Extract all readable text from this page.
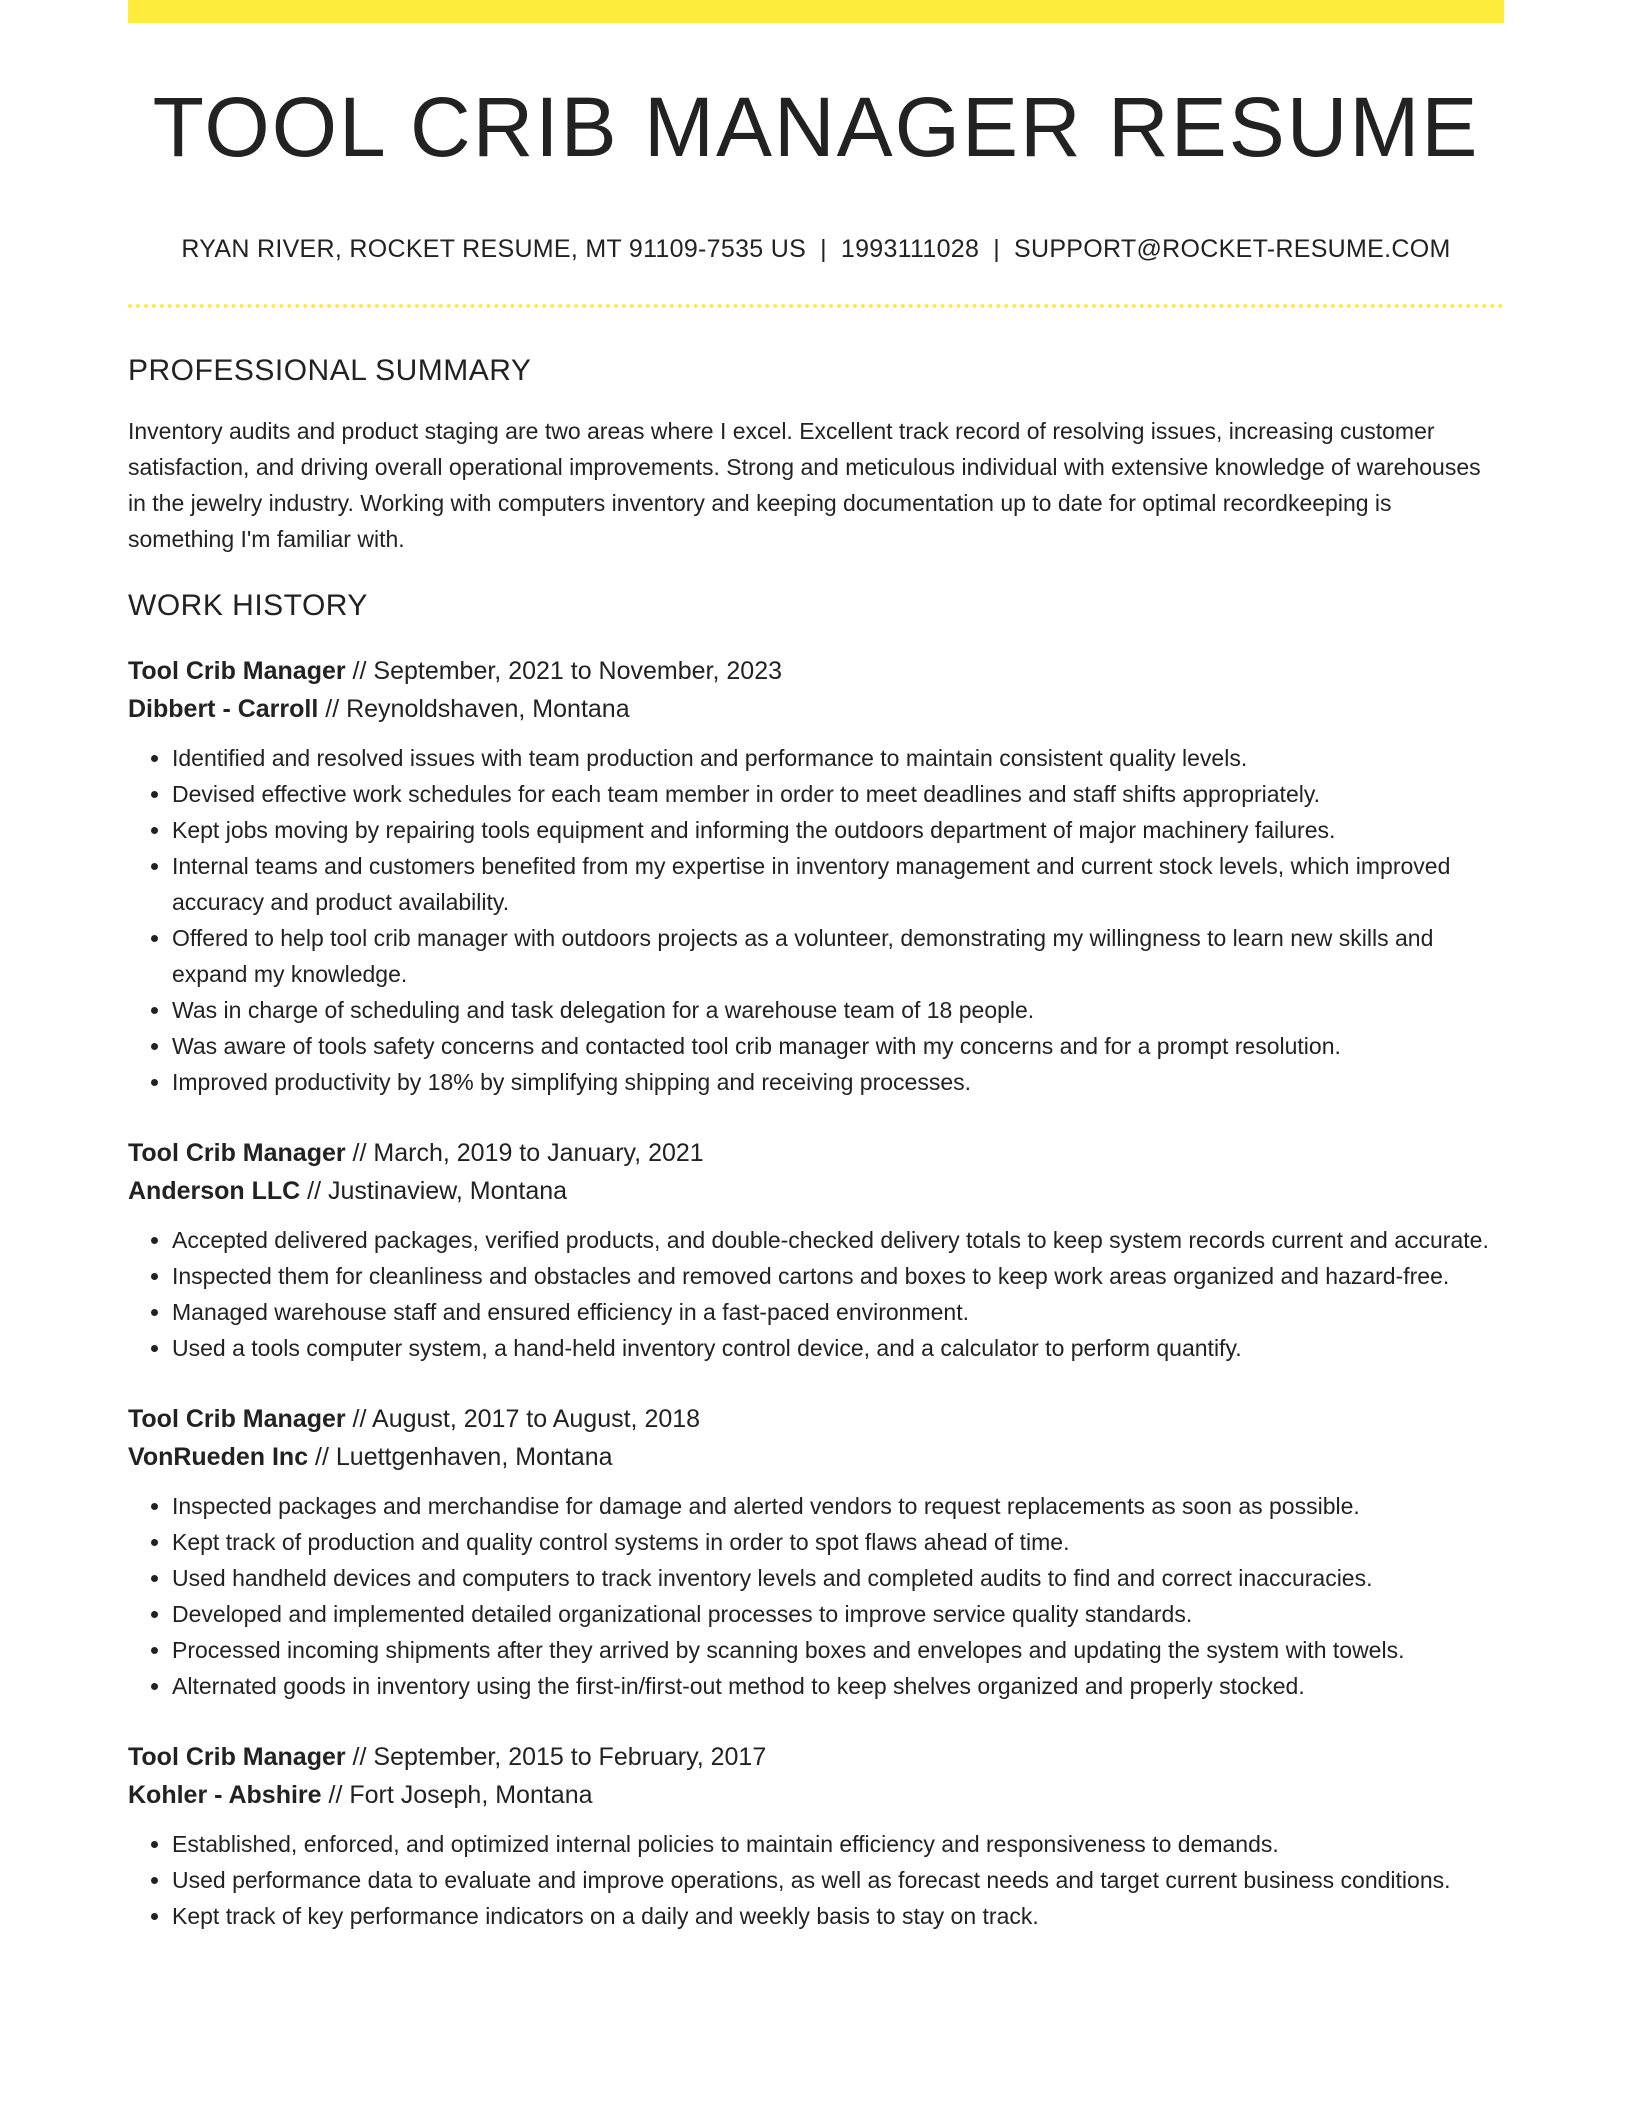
TOOL CRIB MANAGER RESUME
RYAN RIVER, ROCKET RESUME, MT 91109-7535 US | 1993111028 | SUPPORT@ROCKET-RESUME.COM
PROFESSIONAL SUMMARY

Inventory audits and product staging are two areas where I excel. Excellent track record of resolving issues, increasing customer satisfaction, and driving overall operational improvements. Strong and meticulous individual with extensive knowledge of warehouses in the jewelry industry. Working with computers inventory and keeping documentation up to date for optimal recordkeeping is something I'm familiar with.

WORK HISTORY
Tool Crib Manager // September, 2021 to November, 2023
Dibbert - Carroll // Reynoldshaven, Montana
• Identified and resolved issues with team production and performance to maintain consistent quality levels.
• Devised effective work schedules for each team member in order to meet deadlines and staff shifts appropriately.
• Kept jobs moving by repairing tools equipment and informing the outdoors department of major machinery failures.
• Internal teams and customers benefited from my expertise in inventory management and current stock levels, which improved accuracy and product availability.
• Offered to help tool crib manager with outdoors projects as a volunteer, demonstrating my willingness to learn new skills and expand my knowledge.
• Was in charge of scheduling and task delegation for a warehouse team of 18 people.
• Was aware of tools safety concerns and contacted tool crib manager with my concerns and for a prompt resolution.
• Improved productivity by 18% by simplifying shipping and receiving processes.
Tool Crib Manager // March, 2019 to January, 2021
Anderson LLC // Justinaview, Montana
• Accepted delivered packages, verified products, and double-checked delivery totals to keep system records current and accurate.
• Inspected them for cleanliness and obstacles and removed cartons and boxes to keep work areas organized and hazard-free.
• Managed warehouse staff and ensured efficiency in a fast-paced environment.
• Used a tools computer system, a hand-held inventory control device, and a calculator to perform quantify.
Tool Crib Manager // August, 2017 to August, 2018
VonRueden Inc // Luettgenhaven, Montana
• Inspected packages and merchandise for damage and alerted vendors to request replacements as soon as possible.
• Kept track of production and quality control systems in order to spot flaws ahead of time.
• Used handheld devices and computers to track inventory levels and completed audits to find and correct inaccuracies.
• Developed and implemented detailed organizational processes to improve service quality standards.
• Processed incoming shipments after they arrived by scanning boxes and envelopes and updating the system with towels.
• Alternated goods in inventory using the first-in/first-out method to keep shelves organized and properly stocked.
Tool Crib Manager // September, 2015 to February, 2017
Kohler - Abshire // Fort Joseph, Montana
• Established, enforced, and optimized internal policies to maintain efficiency and responsiveness to demands.
• Used performance data to evaluate and improve operations, as well as forecast needs and target current business conditions.
• Kept track of key performance indicators on a daily and weekly basis to stay on track.
